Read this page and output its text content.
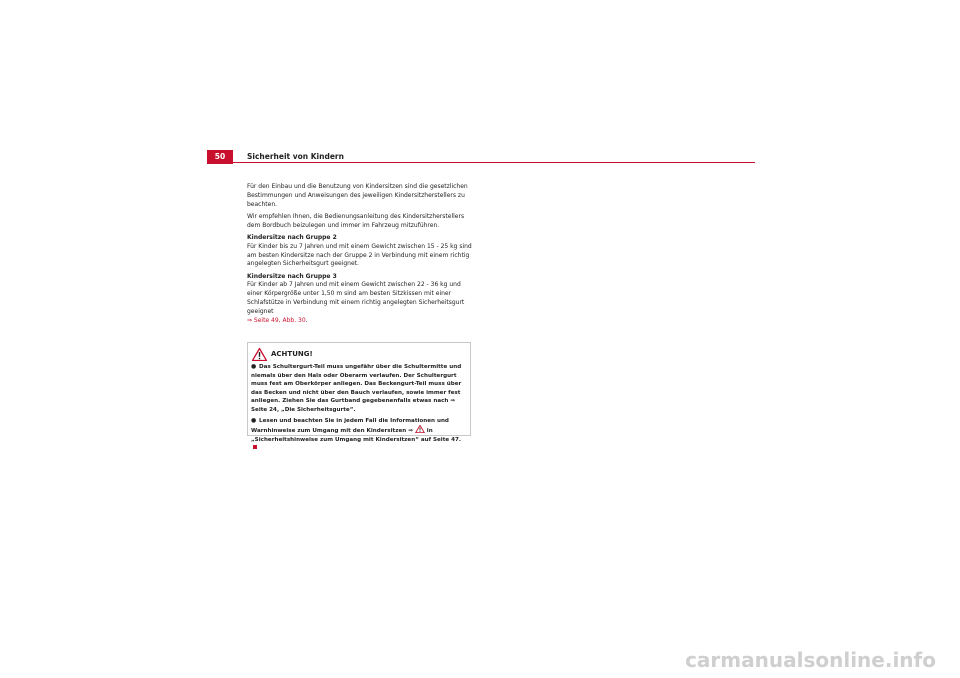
50	Sicherheit von Kindern

Für den Einbau und die Benutzung von Kindersitzen sind die gesetzlichen Bestimmungen und Anweisungen des jeweiligen Kindersitzherstellers zu beachten.

Wir empfehlen Ihnen, die Bedienungsanleitung des Kindersitzherstellers dem Bordbuch beizulegen und immer im Fahrzeug mitzuführen.

Kindersitze nach Gruppe 2

Für Kinder bis zu 7 Jahren und mit einem Gewicht zwischen 15 - 25 kg sind am besten Kindersitze nach der Gruppe 2 in Verbindung mit einem richtig angelegten Sicherheitsgurt geeignet.

Kindersitze nach Gruppe 3

Für Kinder ab 7 Jahren und mit einem Gewicht zwischen 22 - 36 kg und einer Körpergröße unter 1,50 m sind am besten Sitzkissen mit einer Schlafstütze in Verbindung mit einem richtig angelegten Sicherheitsgurt geeignet
⇒ Seite 49, Abb. 30.

ACHTUNG!

● Das Schultergurt-Teil muss ungefähr über die Schultermitte und niemals über den Hals oder Oberarm verlaufen. Der Schultergurt muss fest am Oberkörper anliegen. Das Beckengurt-Teil muss über das Becken und nicht über den Bauch verlaufen, sowie immer fest anliegen. Ziehen Sie das Gurtband gegebenenfalls etwas nach ⇒ Seite 24, „Die Sicherheitsgurte“.

● Lesen und beachten Sie in jedem Fall die Informationen und Warnhinweise zum Umgang mit den Kindersitzen ⇒ in „Sicherheitshinweise zum Umgang mit Kindersitzen“ auf Seite 47.

carmanualsonline.info
